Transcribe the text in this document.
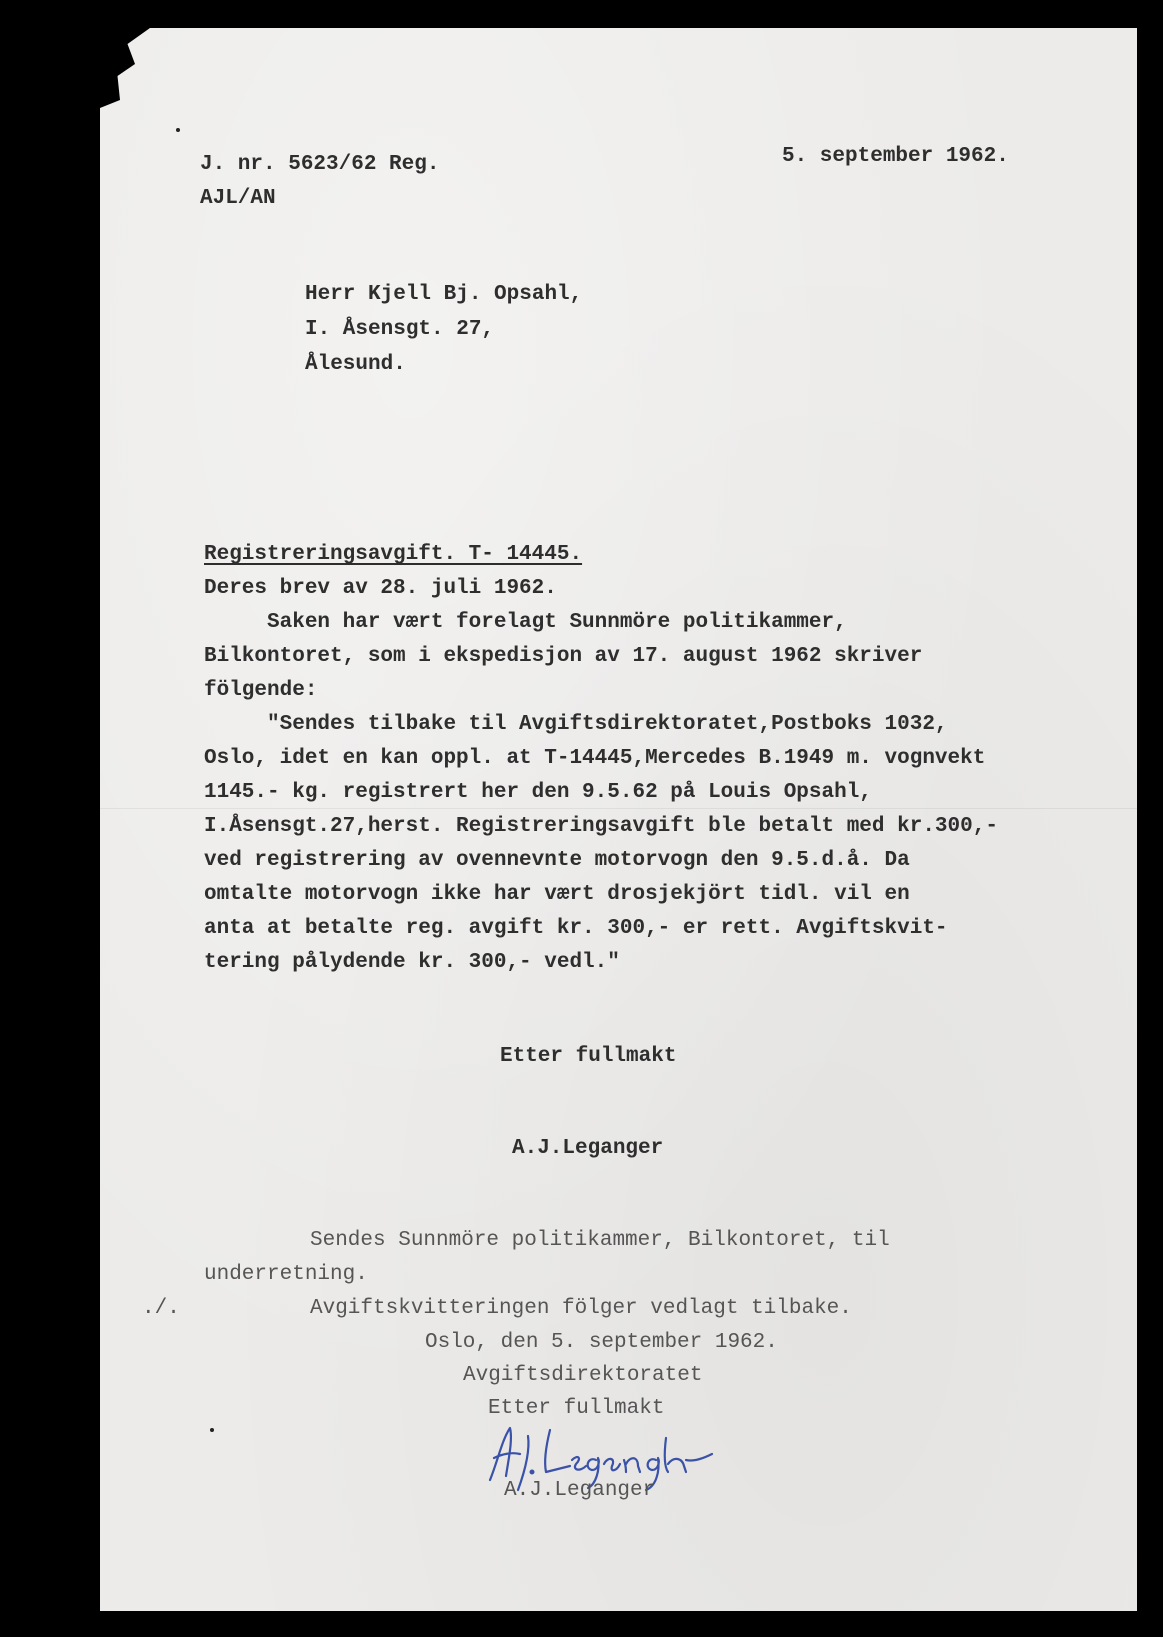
J. nr. 5623/62 Reg.
AJL/AN
5. september 1962.
Herr Kjell Bj. Opsahl,
I. Åsensgt. 27,
Ålesund.
Registreringsavgift. T- 14445.
Deres brev av 28. juli 1962.
Saken har vært forelagt Sunnmöre politikammer,
Bilkontoret, som i ekspedisjon av 17. august 1962 skriver
fölgende:
"Sendes tilbake til Avgiftsdirektoratet,Postboks 1032,
Oslo, idet en kan oppl. at T-14445,Mercedes B.1949 m. vognvekt
1145.- kg. registrert her den 9.5.62 på Louis Opsahl,
I.Åsensgt.27,herst. Registreringsavgift ble betalt med kr.300,-
ved registrering av ovennevnte motorvogn den 9.5.d.å. Da
omtalte motorvogn ikke har vært drosjekjört tidl. vil en
anta at betalte reg. avgift kr. 300,- er rett. Avgiftskvit-
tering pålydende kr. 300,- vedl."
Etter fullmakt
A.J.Leganger
Sendes Sunnmöre politikammer, Bilkontoret, til
underretning.
./.	Avgiftskvitteringen fölger vedlagt tilbake.
Oslo, den 5. september 1962.
Avgiftsdirektoratet
Etter fullmakt
A.J.Leganger
